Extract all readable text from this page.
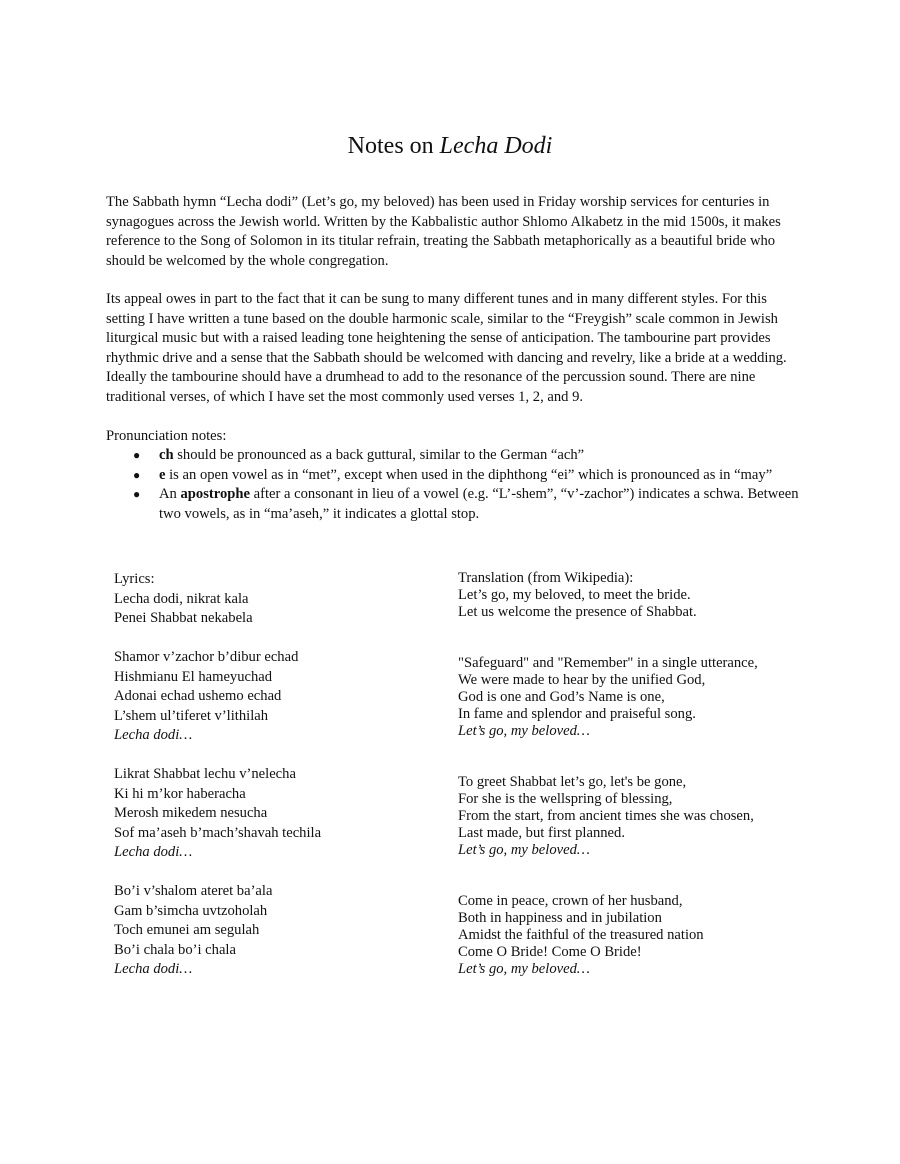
Notes on Lecha Dodi

The Sabbath hymn “Lecha dodi” (Let’s go, my beloved) has been used in Friday worship services for centuries in synagogues across the Jewish world. Written by the Kabbalistic author Shlomo Alkabetz in the mid 1500s, it makes reference to the Song of Solomon in its titular refrain, treating the Sabbath metaphorically as a beautiful bride who should be welcomed by the whole congregation.

Its appeal owes in part to the fact that it can be sung to many different tunes and in many different styles. For this setting I have written a tune based on the double harmonic scale, similar to the “Freygish” scale common in Jewish liturgical music but with a raised leading tone heightening the sense of anticipation. The tambourine part provides rhythmic drive and a sense that the Sabbath should be welcomed with dancing and revelry, like a bride at a wedding. Ideally the tambourine should have a drumhead to add to the resonance of the percussion sound. There are nine traditional verses, of which I have set the most commonly used verses 1, 2, and 9.

Pronunciation notes:

● ch should be pronounced as a back guttural, similar to the German “ach”
● e is an open vowel as in “met”, except when used in the diphthong “ei” which is pronounced as in “may”
● An apostrophe after a consonant in lieu of a vowel (e.g. “L’-shem”, “v’-zachor”) indicates a schwa. Between two vowels, as in “ma’aseh,” it indicates a glottal stop.
Lyrics:
Lecha dodi, nikrat kala
Penei Shabbat nekabela
Shamor v’zachor b’dibur echad
Hishmianu El hameyuchad
Adonai echad ushemo echad
L’shem ul’tiferet v’lithilah
Lecha dodi…
Likrat Shabbat lechu v’nelecha
Ki hi m’kor haberacha
Merosh mikedem nesucha
Sof ma’aseh b’mach’shavah techila
Lecha dodi…
Bo’i v’shalom ateret ba’ala
Gam b’simcha uvtzoholah
Toch emunei am segulah
Bo’i chala bo’i chala
Lecha dodi…
Translation (from Wikipedia):
Let’s go, my beloved, to meet the bride.
Let us welcome the presence of Shabbat.
"Safeguard" and "Remember" in a single utterance,
We were made to hear by the unified God,
God is one and God’s Name is one,
In fame and splendor and praiseful song.
Let’s go, my beloved…
To greet Shabbat let’s go, let's be gone,
For she is the wellspring of blessing,
From the start, from ancient times she was chosen,
Last made, but first planned.
Let’s go, my beloved…
Come in peace, crown of her husband,
Both in happiness and in jubilation
Amidst the faithful of the treasured nation
Come O Bride! Come O Bride!
Let’s go, my beloved…
